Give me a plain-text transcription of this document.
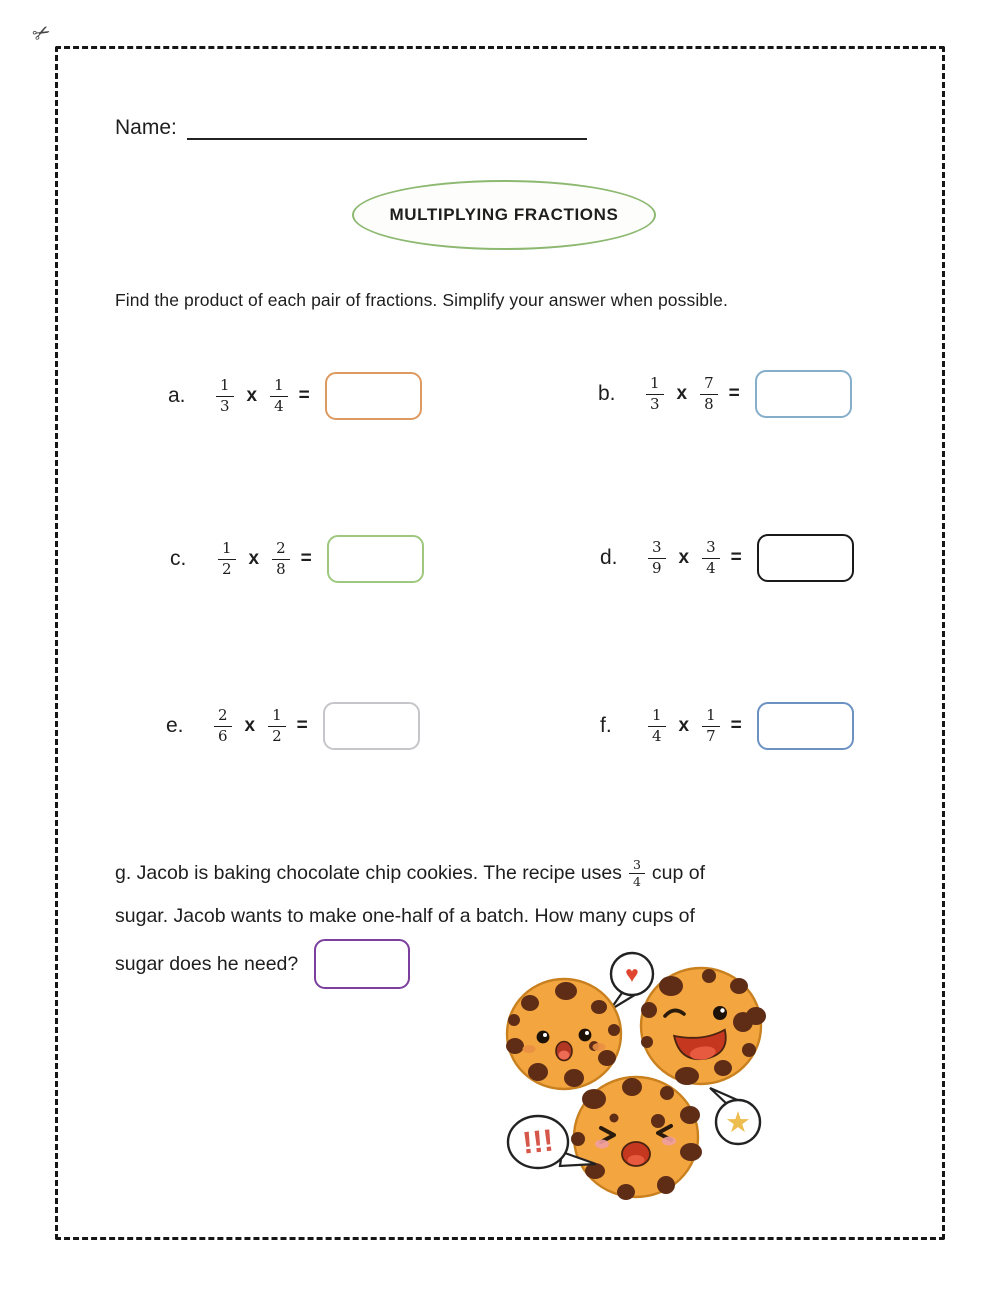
✂
Name:
MULTIPLYING FRACTIONS
Find the product of each pair of fractions. Simplify your answer when possible.
a.	$\frac{1}{3}$ x $\frac{1}{4}$ =	b.	$\frac{1}{3}$ x $\frac{7}{8}$ =
c.	$\frac{1}{2}$ x $\frac{2}{8}$ =	d.	$\frac{3}{9}$ x $\frac{3}{4}$ =
e.	$\frac{2}{6}$ x $\frac{1}{2}$ =	f.	$\frac{1}{4}$ x $\frac{1}{7}$ =
g. Jacob is baking chocolate chip cookies. The recipe uses $\frac{3}{4}$ cup of
sugar. Jacob wants to make one-half of a batch. How many cups of
sugar does he need?	♥
!!!	★
